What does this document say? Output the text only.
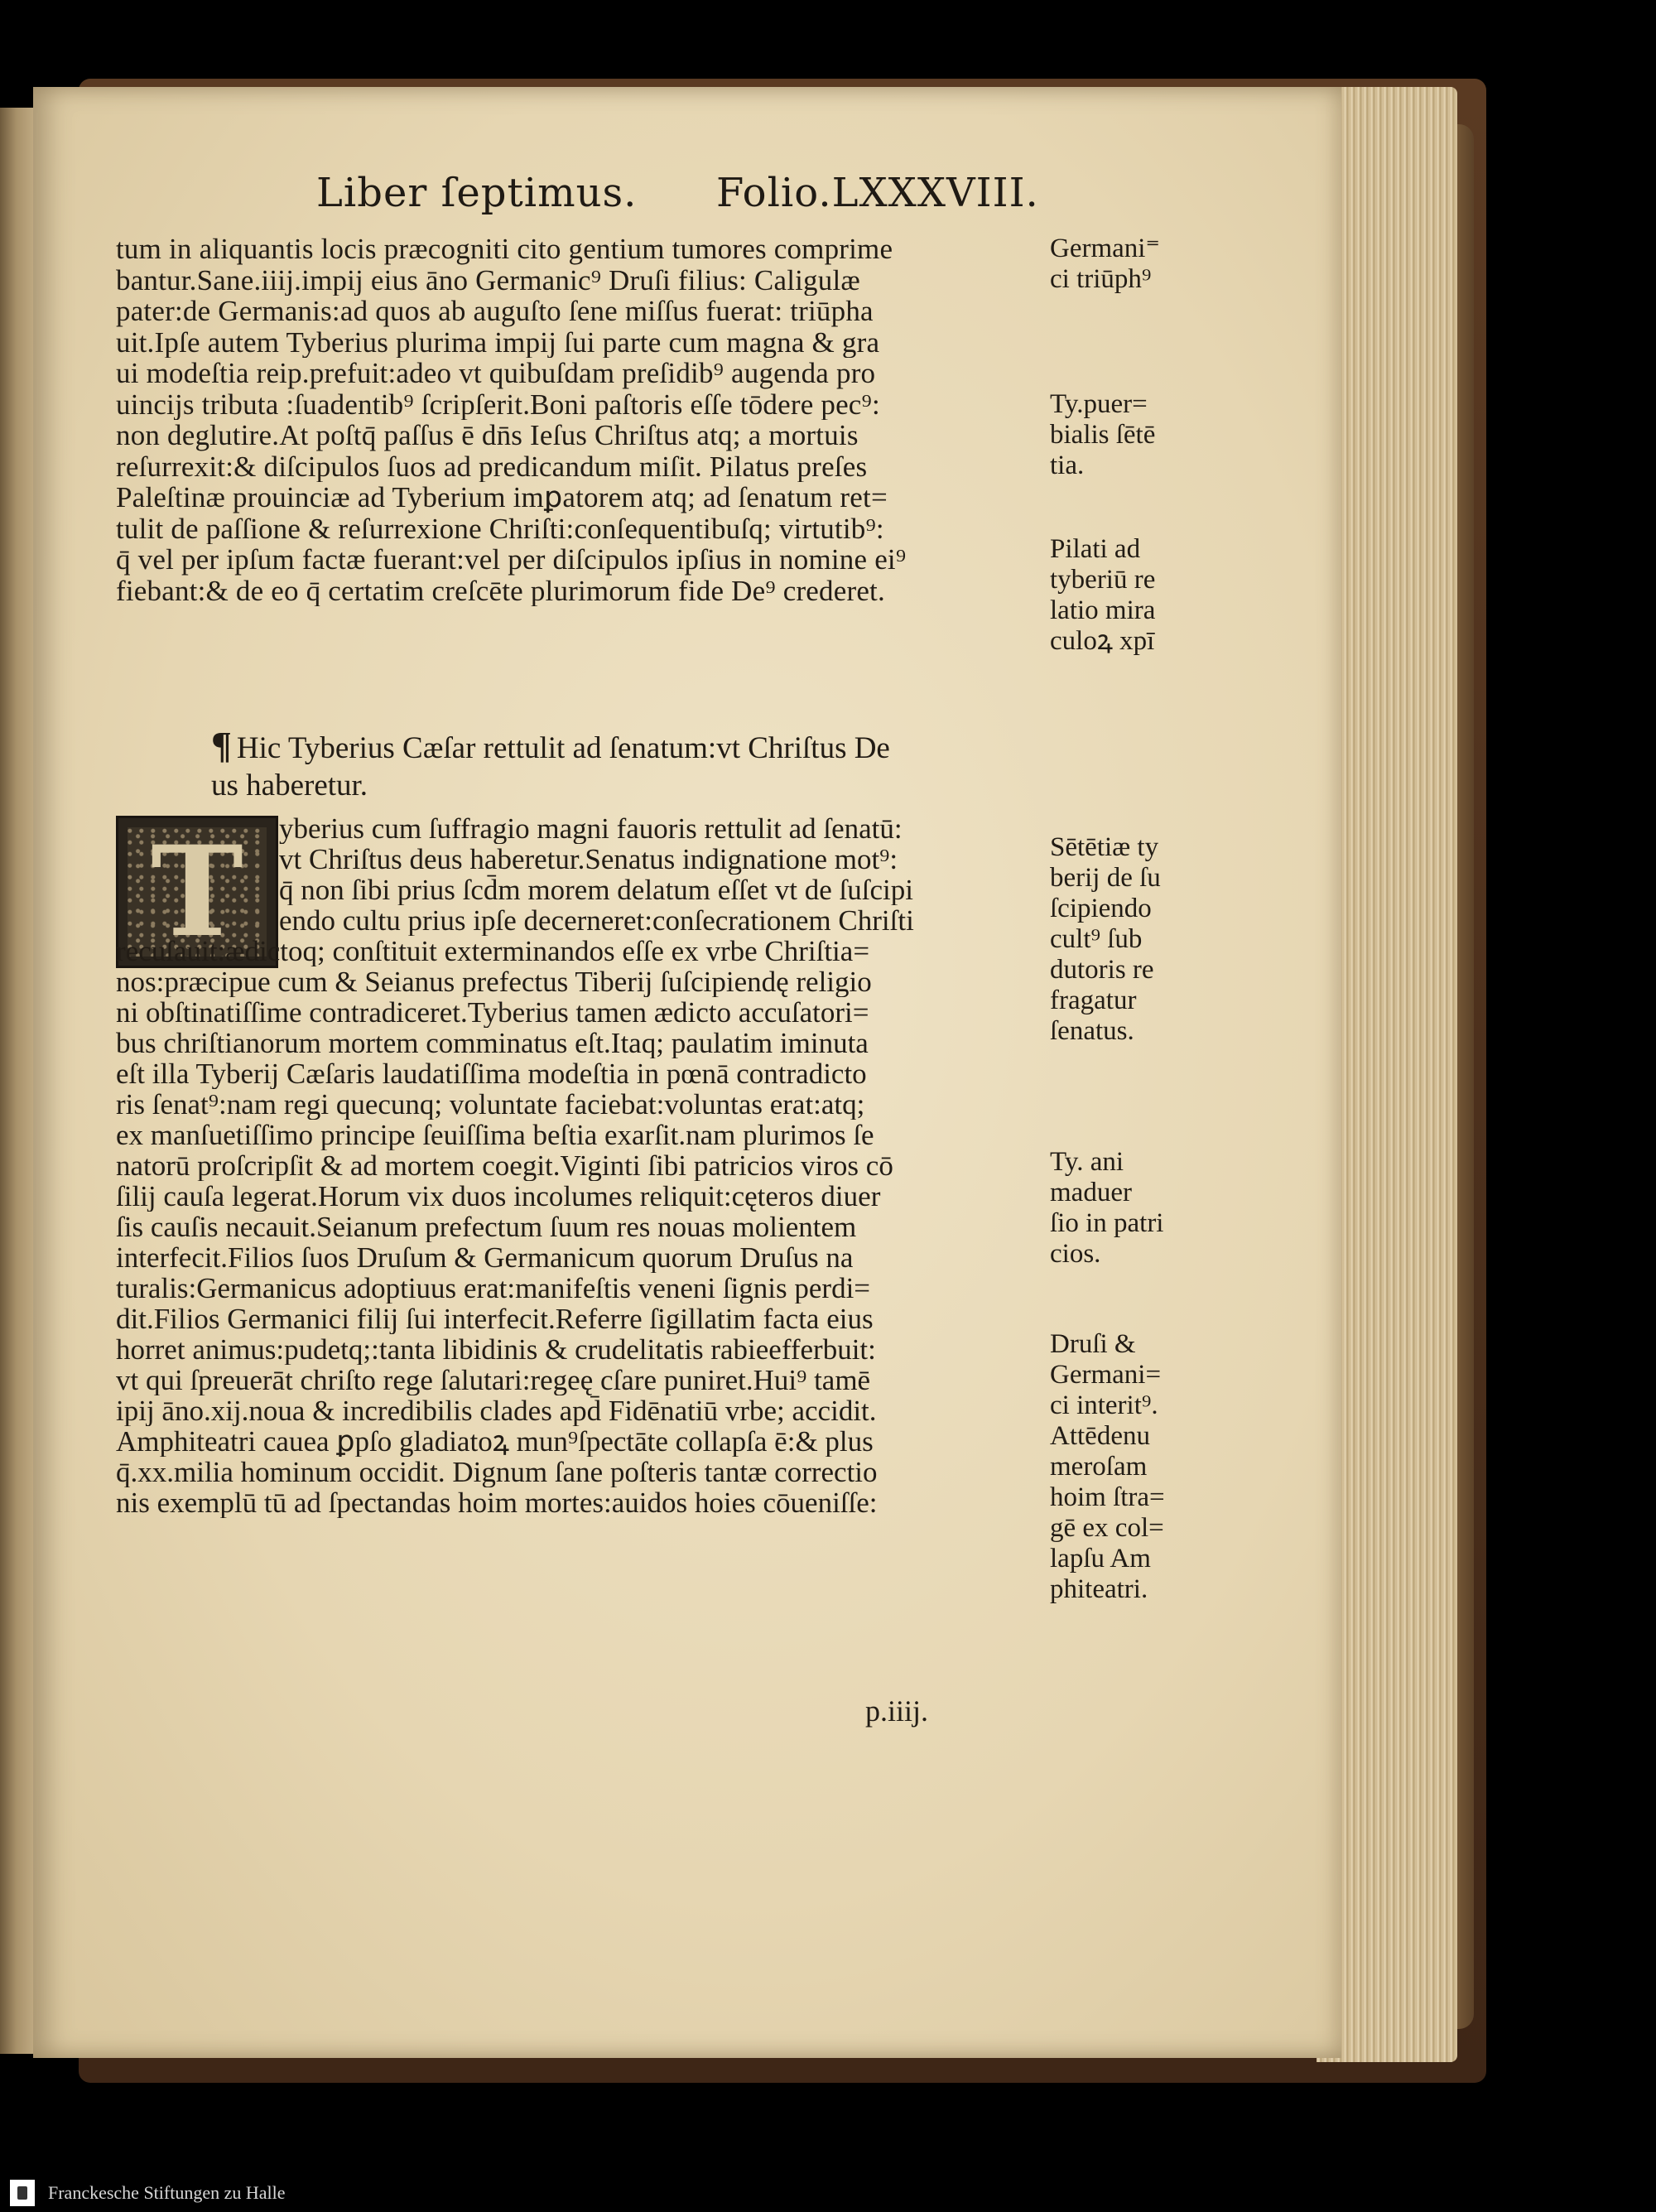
Liber ſeptimus. Folio.LXXXVIII.
tum in aliquantis locis præcogniti cito gentium tumores comprime
bantur.Sane.iiij.impij eius āno Germanic⁹ Druſi filius: Caligulæ
pater:de Germanis:ad quos ab auguſto ſene miſſus fuerat: triūpha
uit.Ipſe autem Tyberius plurima impij ſui parte cum magna & gra
ui modeſtia reip.prefuit:adeo vt quibuſdam preſidib⁹ augenda pro
uincijs tributa :ſuadentib⁹ ſcripſerit.Boni paſtoris eſſe tōdere pec⁹:
non deglutire.At poſtq̄ paſſus ē dn̄s Ieſus Chriſtus atq; a mortuis
reſurrexit:& diſcipulos ſuos ad predicandum miſit. Pilatus preſes
Paleſtinæ prouinciæ ad Tyberium imꝑatorem atq; ad ſenatum ret=
tulit de paſſione & reſurrexione Chriſti:conſequentibuſq; virtutib⁹:
q̄ vel per ipſum factæ fuerant:vel per diſcipulos ipſius in nomine ei⁹
fiebant:& de eo q̄ certatim creſcēte plurimorum fide De⁹ crederet.
¶ Hic Tyberius Cæſar rettulit ad ſenatum:vt Chriſtus De
us haberetur.
T	yberius cum ſuffragio magni fauoris rettulit ad ſenatū:
vt Chriſtus deus haberetur.Senatus indignatione mot⁹:
q̄ non ſibi prius ſcd̄m morem delatum eſſet vt de ſuſcipi
endo cultu prius ipſe decerneret:conſecrationem Chriſti
recuſauit:ædictoq; conſtituit exterminandos eſſe ex vrbe Chriſtia=
nos:præcipue cum & Seianus prefectus Tiberij ſuſcipiendę religio
ni obſtinatiſſime contradiceret.Tyberius tamen ædicto accuſatori=
bus chriſtianorum mortem comminatus eſt.Itaq; paulatim iminuta
eſt illa Tyberij Cæſaris laudatiſſima modeſtia in pœnā contradicto
ris ſenat⁹:nam regi quecunq; voluntate faciebat:voluntas erat:atq;
ex manſuetiſſimo principe ſeuiſſima beſtia exarſit.nam plurimos ſe
natorū proſcripſit & ad mortem coegit.Viginti ſibi patricios viros cō
ſilij cauſa legerat.Horum vix duos incolumes reliquit:cęteros diuer
ſis cauſis necauit.Seianum prefectum ſuum res nouas molientem
interfecit.Filios ſuos Druſum & Germanicum quorum Druſus na
turalis:Germanicus adoptiuus erat:manifeſtis veneni ſignis perdi=
dit.Filios Germanici filij ſui interfecit.Referre ſigillatim facta eius
horret animus:pudetq;:tanta libidinis & crudelitatis rabieefferbuit:
vt qui ſpreuerāt chriſto rege ſalutari:regeę cſare puniret.Hui⁹ tamē
ipij āno.xij.noua & incredibilis clades apd̄ Fidēnatiū vrbe; accidit.
Amphiteatri cauea ꝑpſo gladiatoꝝ mun⁹ſpectāte collapſa ē:& plus
q̄.xx.milia hominum occidit. Dignum ſane poſteris tantæ correctio
nis exemplū tū ad ſpectandas hoim mortes:auidos hoies cōueniſſe:
p.iiij.
Germani⁼
ci triūph⁹
Ty.puer=
bialis ſētē
tia.
Pilati ad
tyberiū re
latio mira
culoꝝ xpī
Sētētiæ ty
berij de ſu
ſcipiendo
cult⁹ ſub
dutoris re
fragatur
ſenatus.
Ty. ani
maduer
ſio in patri
cios.
Druſi &
Germani=
ci interit⁹.
Attēdenu
meroſam
hoim ſtra=
gē ex col=
lapſu Am
phiteatri.
Franckesche Stiftungen zu Halle
